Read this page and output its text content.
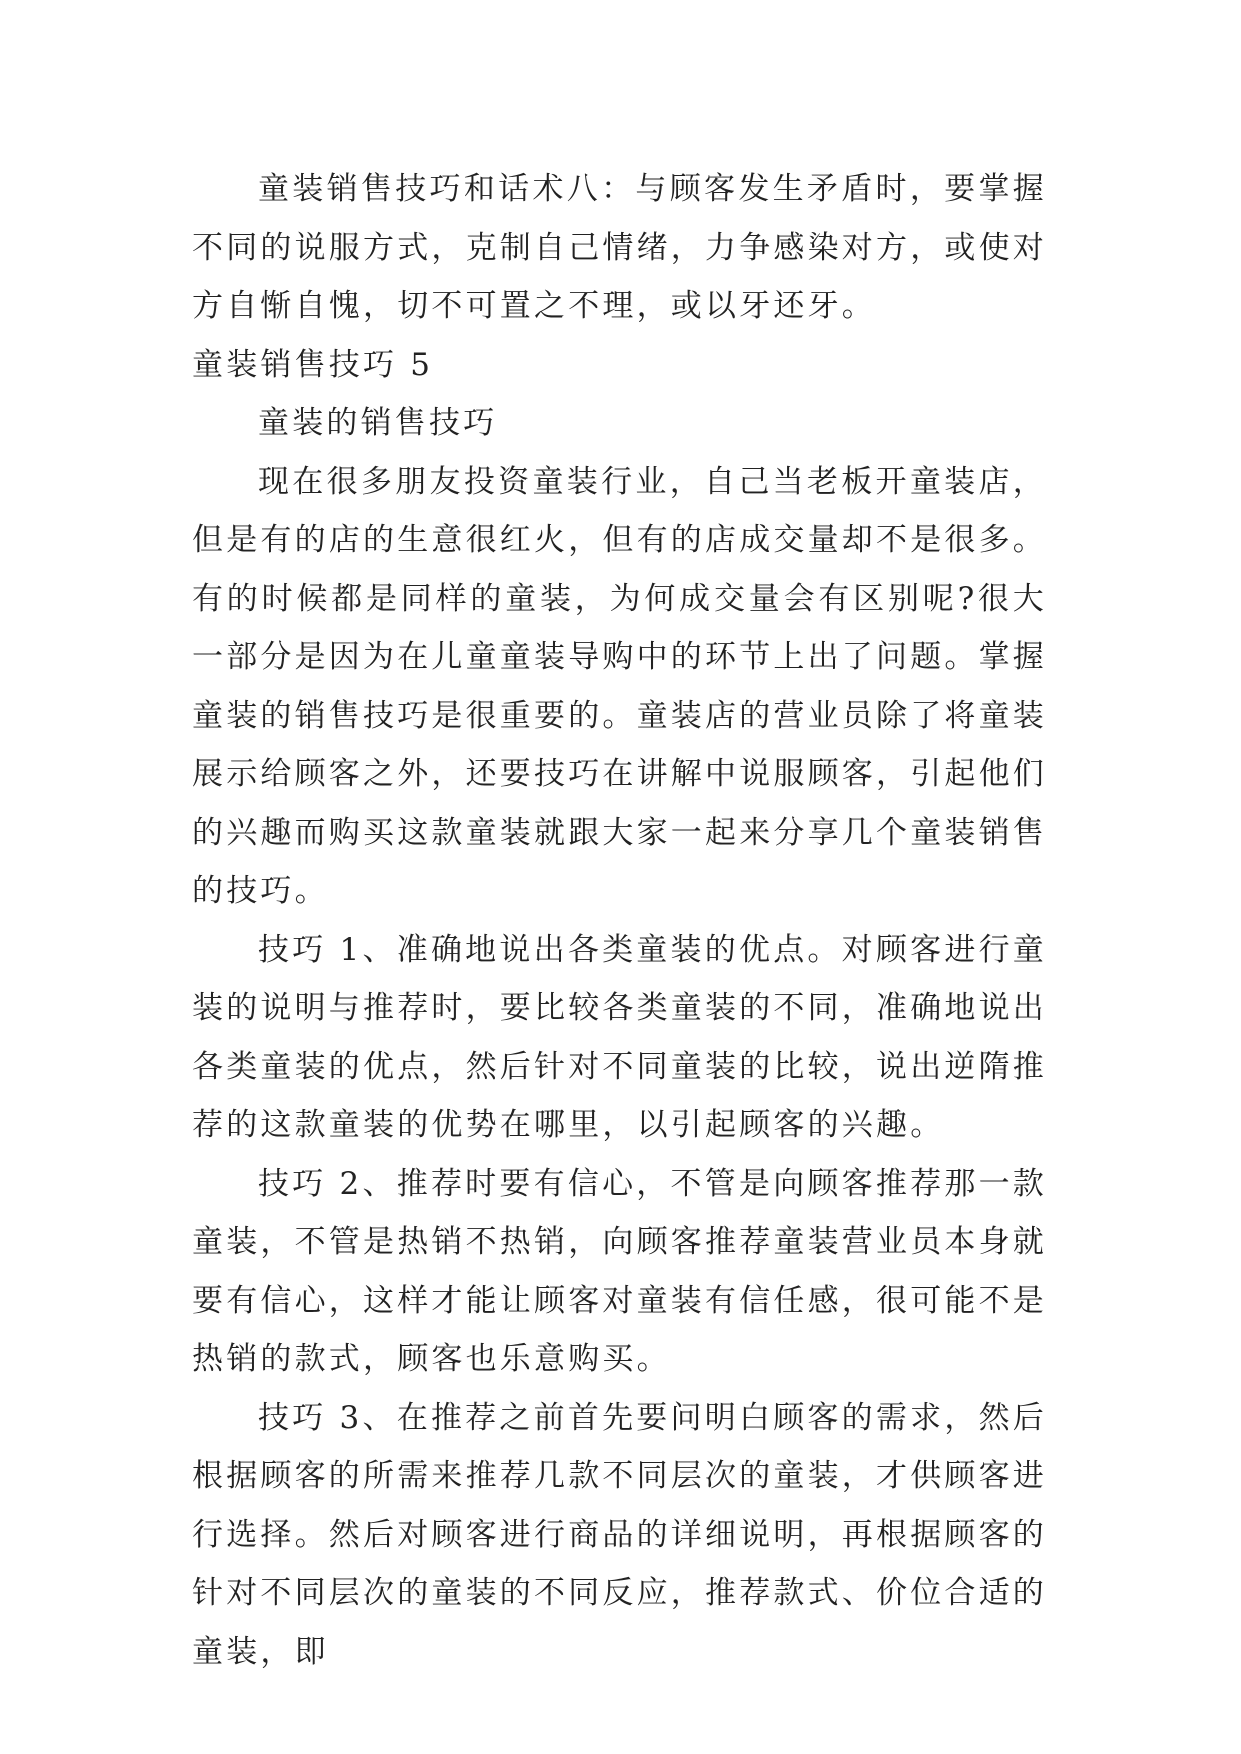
童装销售技巧和话术八：与顾客发生矛盾时，要掌握不同的说服方式，克制自己情绪，力争感染对方，或使对方自惭自愧，切不可置之不理，或以牙还牙。

童装销售技巧 5

童装的销售技巧

现在很多朋友投资童装行业，自己当老板开童装店，但是有的店的生意很红火，但有的店成交量却不是很多。有的时候都是同样的童装，为何成交量会有区别呢?很大一部分是因为在儿童童装导购中的环节上出了问题。掌握童装的销售技巧是很重要的。童装店的营业员除了将童装展示给顾客之外，还要技巧在讲解中说服顾客，引起他们的兴趣而购买这款童装就跟大家一起来分享几个童装销售的技巧。

技巧 1、准确地说出各类童装的优点。对顾客进行童装的说明与推荐时，要比较各类童装的不同，准确地说出各类童装的优点，然后针对不同童装的比较，说出逆隋推荐的这款童装的优势在哪里，以引起顾客的兴趣。

技巧 2、推荐时要有信心，不管是向顾客推荐那一款童装，不管是热销不热销，向顾客推荐童装营业员本身就要有信心，这样才能让顾客对童装有信任感，很可能不是热销的款式，顾客也乐意购买。

技巧 3、在推荐之前首先要问明白顾客的需求，然后根据顾客的所需来推荐几款不同层次的童装，才供顾客进行选择。然后对顾客进行商品的详细说明，再根据顾客的针对不同层次的童装的不同反应，推荐款式、价位合适的童装，即
